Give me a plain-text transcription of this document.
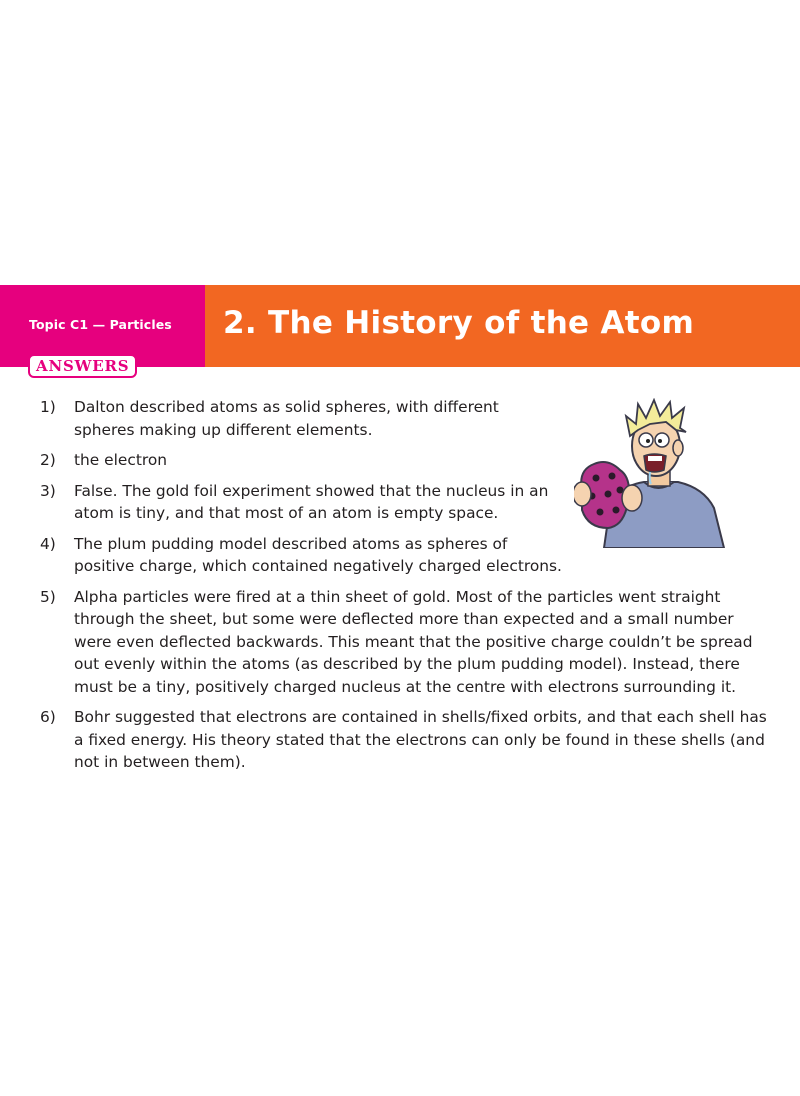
Topic C1 — Particles 2. The History of the Atom
ANSWERS
1) Dalton described atoms as solid spheres, with different spheres making up different elements.
2) the electron
3) False. The gold foil experiment showed that the nucleus in an atom is tiny, and that most of an atom is empty space.
4) The plum pudding model described atoms as spheres of positive charge, which contained negatively charged electrons.
5) Alpha particles were fired at a thin sheet of gold. Most of the particles went straight through the sheet, but some were deflected more than expected and a small number were even deflected backwards. This meant that the positive charge couldn’t be spread out evenly within the atoms (as described by the plum pudding model). Instead, there must be a tiny, positively charged nucleus at the centre with electrons surrounding it.
6) Bohr suggested that electrons are contained in shells/fixed orbits, and that each shell has a fixed energy. His theory stated that the electrons can only be found in these shells (and not in between them).
